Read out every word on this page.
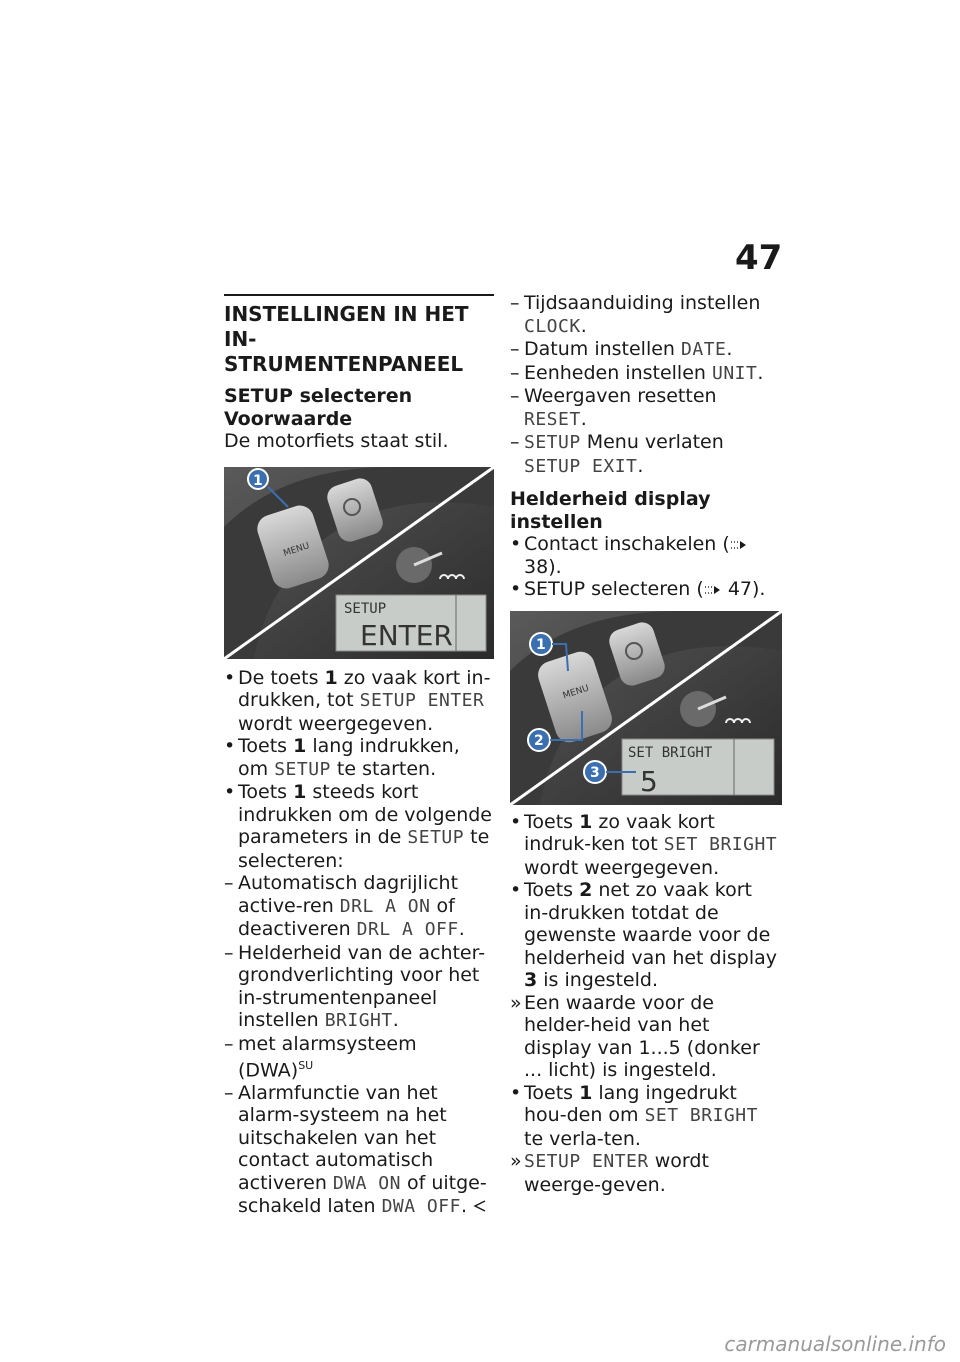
47
INSTELLINGEN IN HET IN-
STRUMENTENPANEEL
SETUP selecteren
Voorwaarde
De motorfiets staat stil.
MENU
1
SETUP
ENTER
• De toets 1 zo vaak kort in-drukken, tot SETUP ENTER wordt weergegeven.
• Toets 1 lang indrukken, om SETUP te starten.
• Toets 1 steeds kort indrukken om de volgende parameters in de SETUP te selecteren:
– Automatisch dagrijlicht active-ren DRL A ON of deactiveren DRL A OFF.
– Helderheid van de achter-grondverlichting voor het in-strumentenpaneel instellen BRIGHT.
– met alarmsysteem (DWA)$^{SU}$
– Alarmfunctie van het alarm-systeem na het uitschakelen van het contact automatisch activeren DWA ON of uitge-schakeld laten DWA OFF.
– Tijdsaanduiding instellen CLOCK.
– Datum instellen DATE.
– Eenheden instellen UNIT.
– Weergaven resetten RESET.
– SETUP Menu verlaten SETUP EXIT.
Helderheid display instellen
• Contact inschakelen ( 38).
• SETUP selecteren ( 47).
MENU
SET BRIGHT
5
1
2
3
• Toets 1 zo vaak kort indruk-ken tot SET BRIGHT wordt weergegeven.
• Toets 2 net zo vaak kort in-drukken totdat de gewenste waarde voor de helderheid van het display 3 is ingesteld.
» Een waarde voor de helder-heid van het display van 1...5 (donker ... licht) is ingesteld.
• Toets 1 lang ingedrukt hou-den om SET BRIGHT te verla-ten.
» SETUP ENTER wordt weerge-geven.
carmanualsonline.info
